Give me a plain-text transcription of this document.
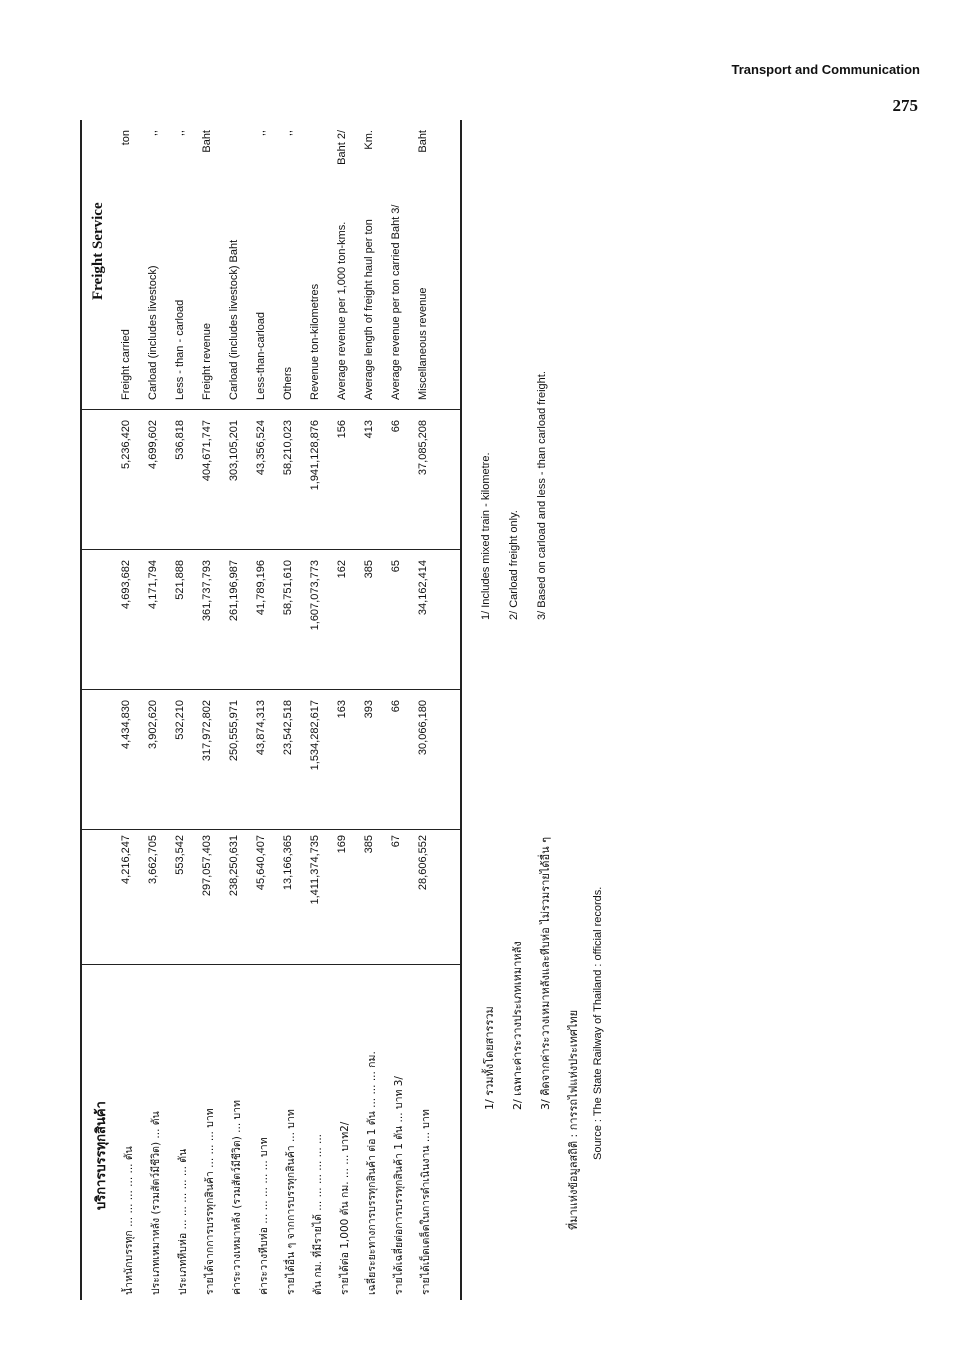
Transport and Communication
275
บริการบรรทุกสินค้า
Freight Service
น้ำหนักบรรทุก ... ... ... ... ... ตัน
4,216,247
4,434,830
4,693,682
5,236,420
Freight carried
ton
ประเภทเหมาหลัง (รวมสัตว์มีชีวิต) ... ตัน
3,662,705
3,902,620
4,171,794
4,699,602
Carload (includes livestock)
,,
ประเภทหีบห่อ ... ... ... ... ... ตัน
553,542
532,210
521,888
536,818
Less - than - carload
,,
รายได้จากการบรรทุกสินค้า ... ... ... บาท
297,057,403
317,972,802
361,737,793
404,671,747
Freight revenue
Baht
ค่าระวางเหมาหลัง (รวมสัตว์มีชีวิต) ... บาท
238,250,631
250,555,971
261,196,987
303,105,201
Carload (includes livestock) Baht
ค่าระวางหีบห่อ ... ... ... ... ... บาท
45,640,407
43,874,313
41,789,196
43,356,524
Less-than-carload
,,
รายได้อื่น ๆ จากการบรรทุกสินค้า ... บาท
13,166,365
23,542,518
58,751,610
58,210,023
Others
,,
ตัน กม. ที่มีรายได้ ... ... ... ... ... ...
1,411,374,735
1,534,282,617
1,607,073,773
1,941,128,876
Revenue ton-kilometres
รายได้ต่อ 1,000 ตัน กม. ... ... บาท2/
169
163
162
156
Average revenue per 1,000 ton-kms.
Baht 2/
เฉลี่ยระยะทางการบรรทุกสินค้า ต่อ 1 ตัน ... ... ... กม.
385
393
385
413
Average length of freight haul per ton
Km.
รายได้เฉลี่ยต่อการบรรทุกสินค้า 1 ตัน ... บาท 3/
67
66
65
66
Average revenue per ton carried Baht 3/
รายได้เบ็ดเตล็ดในการดำเนินงาน ... บาท
28,606,552
30,066,180
34,162,414
37,085,208
Miscellaneous revenue
Baht
1/ รวมทั้งโดยสารรวม 2/ เฉพาะค่าระวางประเภทเหมาหลัง 3/ คิดจากค่าระวางเหมาหลังและหีบห่อ ไม่รวมรายได้อื่น ๆ
ที่มาแห่งข้อมูลสถิติ : การรถไฟแห่งประเทศไทย Source : The State Railway of Thailand : official records.
1/ Includes mixed train - kilometre. 2/ Carload freight only. 3/ Based on carload and less - than carload freight.
